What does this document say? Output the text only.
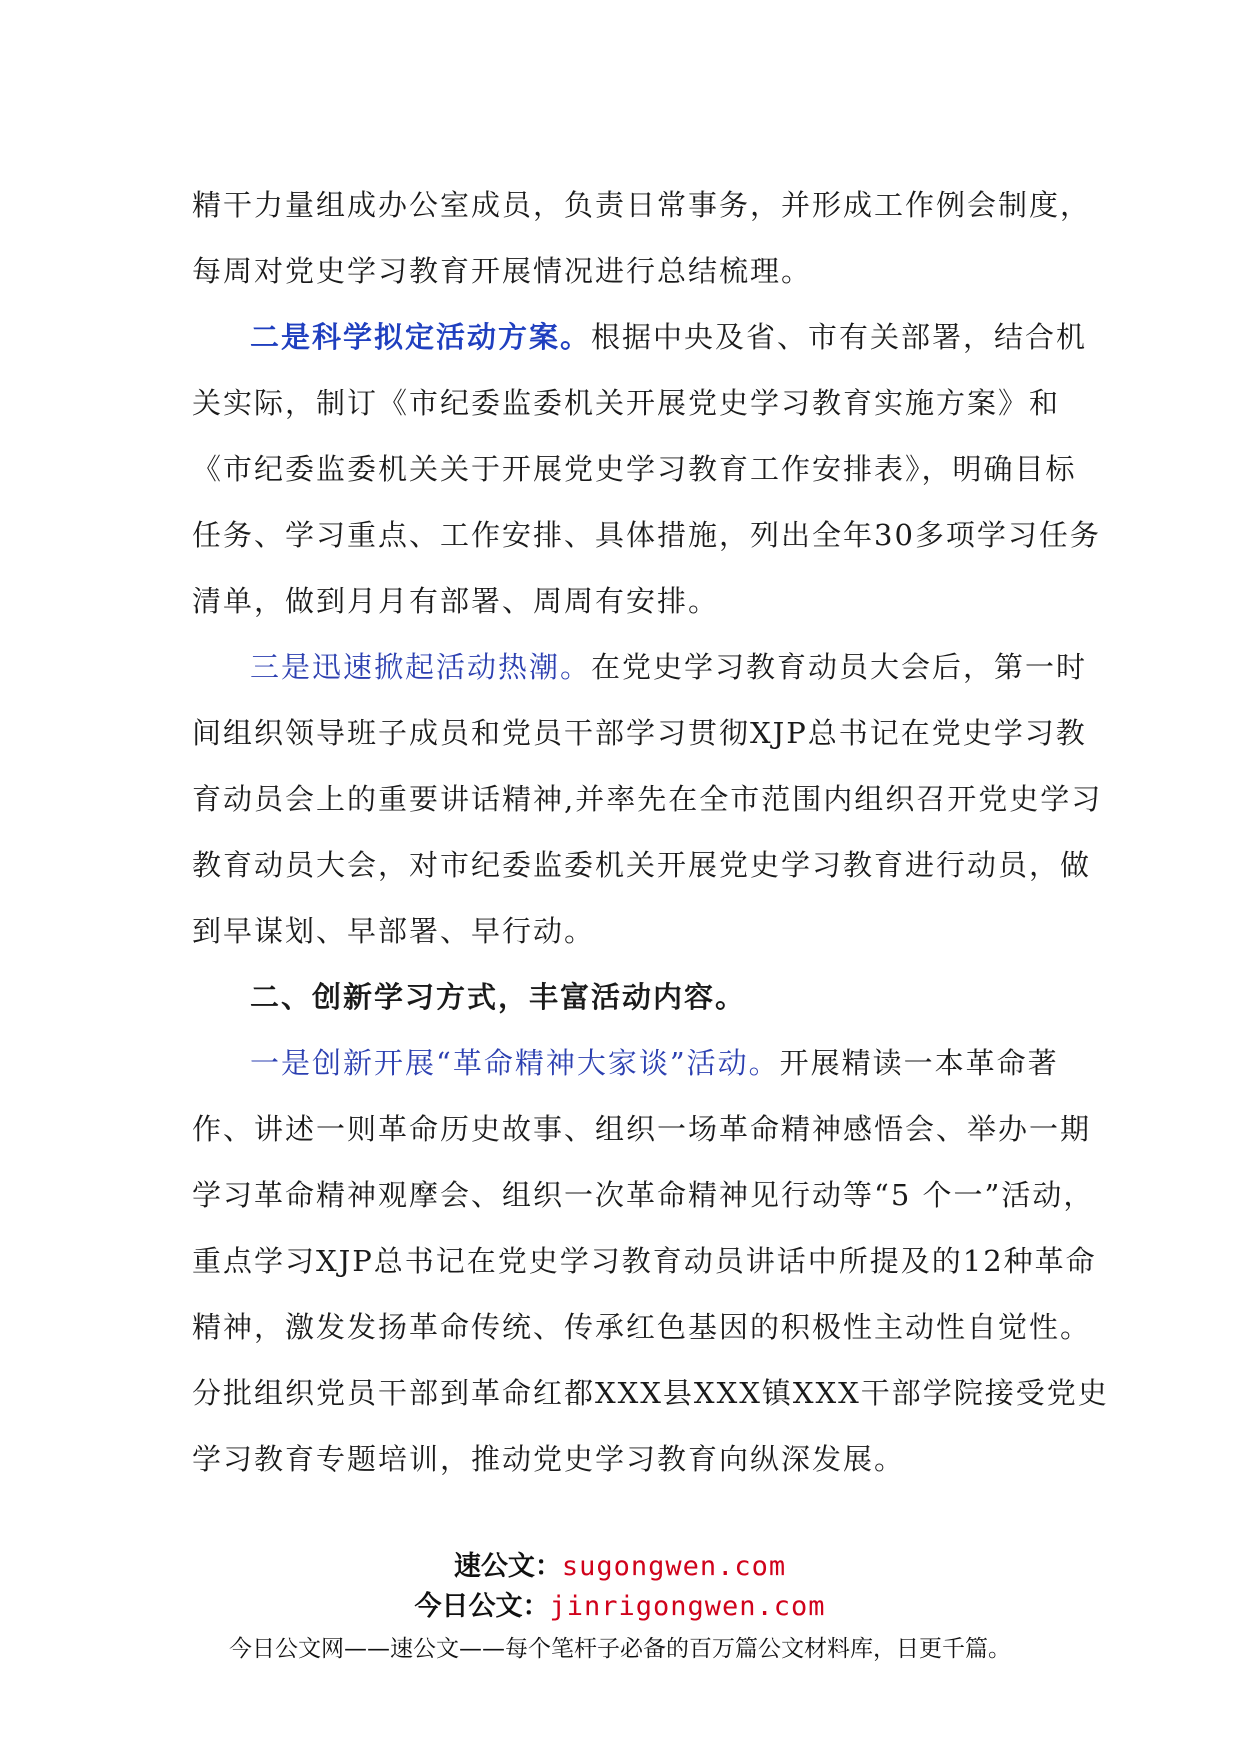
精干力量组成办公室成员，负责日常事务，并形成工作例会制度，
每周对党史学习教育开展情况进行总结梳理。
二是科学拟定活动方案。根据中央及省、市有关部署，结合机
关实际，制订《市纪委监委机关开展党史学习教育实施方案》和
《市纪委监委机关关于开展党史学习教育工作安排表》，明确目标
任务、学习重点、工作安排、具体措施，列出全年30多项学习任务
清单，做到月月有部署、周周有安排。
三是迅速掀起活动热潮。在党史学习教育动员大会后，第一时
间组织领导班子成员和党员干部学习贯彻XJP总书记在党史学习教
育动员会上的重要讲话精神,并率先在全市范围内组织召开党史学习
教育动员大会，对市纪委监委机关开展党史学习教育进行动员，做
到早谋划、早部署、早行动。
二、创新学习方式，丰富活动内容。
一是创新开展“革命精神大家谈”活动。开展精读一本革命著
作、讲述一则革命历史故事、组织一场革命精神感悟会、举办一期
学习革命精神观摩会、组织一次革命精神见行动等“5 个一”活动，
重点学习XJP总书记在党史学习教育动员讲话中所提及的12种革命
精神，激发发扬革命传统、传承红色基因的积极性主动性自觉性。
分批组织党员干部到革命红都XXX县XXX镇XXX干部学院接受党史
学习教育专题培训，推动党史学习教育向纵深发展。
速公文：sugongwen.com
今日公文：jinrigongwen.com
今日公文网——速公文——每个笔杆子必备的百万篇公文材料库，日更千篇。
